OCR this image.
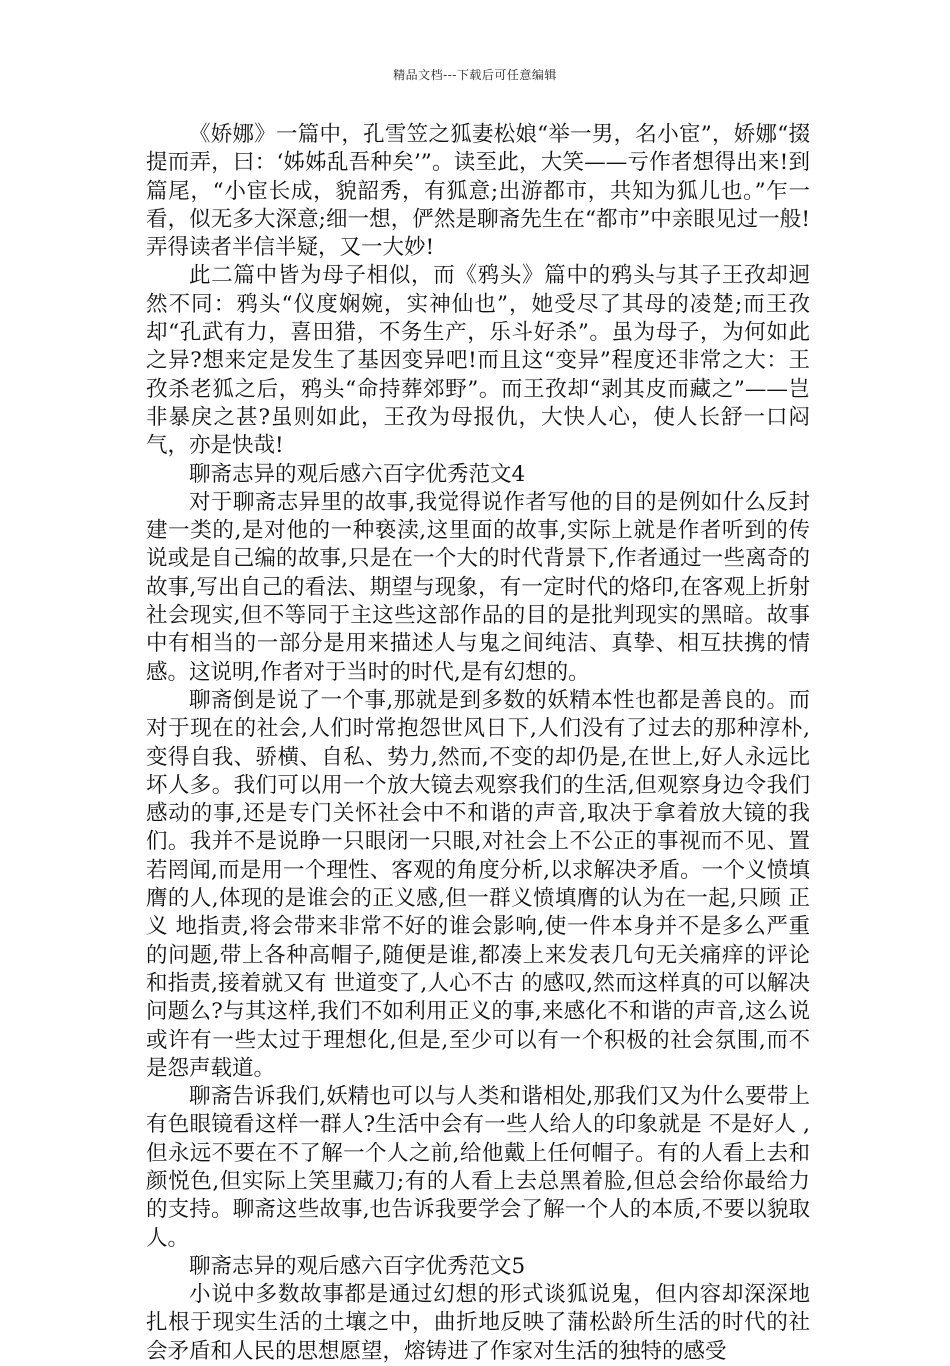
精品文档---下载后可任意编辑

《娇娜》一篇中，孔雪笠之狐妻松娘“举一男，名小宦”，娇娜“掇提而弄，曰：‘姊姊乱吾种矣’”。读至此，大笑——亏作者想得出来!到篇尾，“小宦长成，貌韶秀，有狐意;出游都市，共知为狐儿也。”乍一看，似无多大深意;细一想，俨然是聊斋先生在“都市”中亲眼见过一般!弄得读者半信半疑，又一大妙!

此二篇中皆为母子相似，而《鸦头》篇中的鸦头与其子王孜却迥然不同：鸦头“仪度娴婉，实神仙也”，她受尽了其母的凌楚;而王孜却“孔武有力，喜田猎，不务生产，乐斗好杀”。虽为母子，为何如此之异?想来定是发生了基因变异吧!而且这“变异”程度还非常之大：王孜杀老狐之后，鸦头“命持葬郊野”。而王孜却“剥其皮而藏之”——岂非暴戾之甚?虽则如此，王孜为母报仇，大快人心，使人长舒一口闷气，亦是快哉!

聊斋志异的观后感六百字优秀范文4

对于聊斋志异里的故事,我觉得说作者写他的目的是例如什么反封建一类的,是对他的一种亵渎,这里面的故事,实际上就是作者听到的传说或是自己编的故事,只是在一个大的时代背景下,作者通过一些离奇的故事,写出自己的看法、期望与现象，有一定时代的烙印,在客观上折射社会现实,但不等同于主这些这部作品的目的是批判现实的黑暗。故事中有相当的一部分是用来描述人与鬼之间纯洁、真挚、相互扶携的情感。这说明,作者对于当时的时代,是有幻想的。

聊斋倒是说了一个事,那就是到多数的妖精本性也都是善良的。而对于现在的社会,人们时常抱怨世风日下,人们没有了过去的那种淳朴,变得自我、骄横、自私、势力,然而,不变的却仍是,在世上,好人永远比坏人多。我们可以用一个放大镜去观察我们的生活,但观察身边令我们感动的事,还是专门关怀社会中不和谐的声音,取决于拿着放大镜的我们。我并不是说睁一只眼闭一只眼,对社会上不公正的事视而不见、置若罔闻,而是用一个理性、客观的角度分析,以求解决矛盾。一个义愤填膺的人,体现的是谁会的正义感,但一群义愤填膺的认为在一起,只顾 正义 地指责,将会带来非常不好的谁会影响,使一件本身并不是多么严重的问题,带上各种高帽子,随便是谁,都凑上来发表几句无关痛痒的评论和指责,接着就又有 世道变了,人心不古 的感叹,然而这样真的可以解决问题么?与其这样,我们不如利用正义的事,来感化不和谐的声音,这么说或许有一些太过于理想化,但是,至少可以有一个积极的社会氛围,而不是怨声载道。

聊斋告诉我们,妖精也可以与人类和谐相处,那我们又为什么要带上有色眼镜看这样一群人?生活中会有一些人给人的印象就是 不是好人 ,但永远不要在不了解一个人之前,给他戴上任何帽子。有的人看上去和颜悦色,但实际上笑里藏刀;有的人看上去总黑着脸,但总会给你最给力的支持。聊斋这些故事,也告诉我要学会了解一个人的本质,不要以貌取人。

聊斋志异的观后感六百字优秀范文5

小说中多数故事都是通过幻想的形式谈狐说鬼，但内容却深深地扎根于现实生活的土壤之中，曲折地反映了蒲松龄所生活的时代的社会矛盾和人民的思想愿望，熔铸进了作家对生活的独特的感受
